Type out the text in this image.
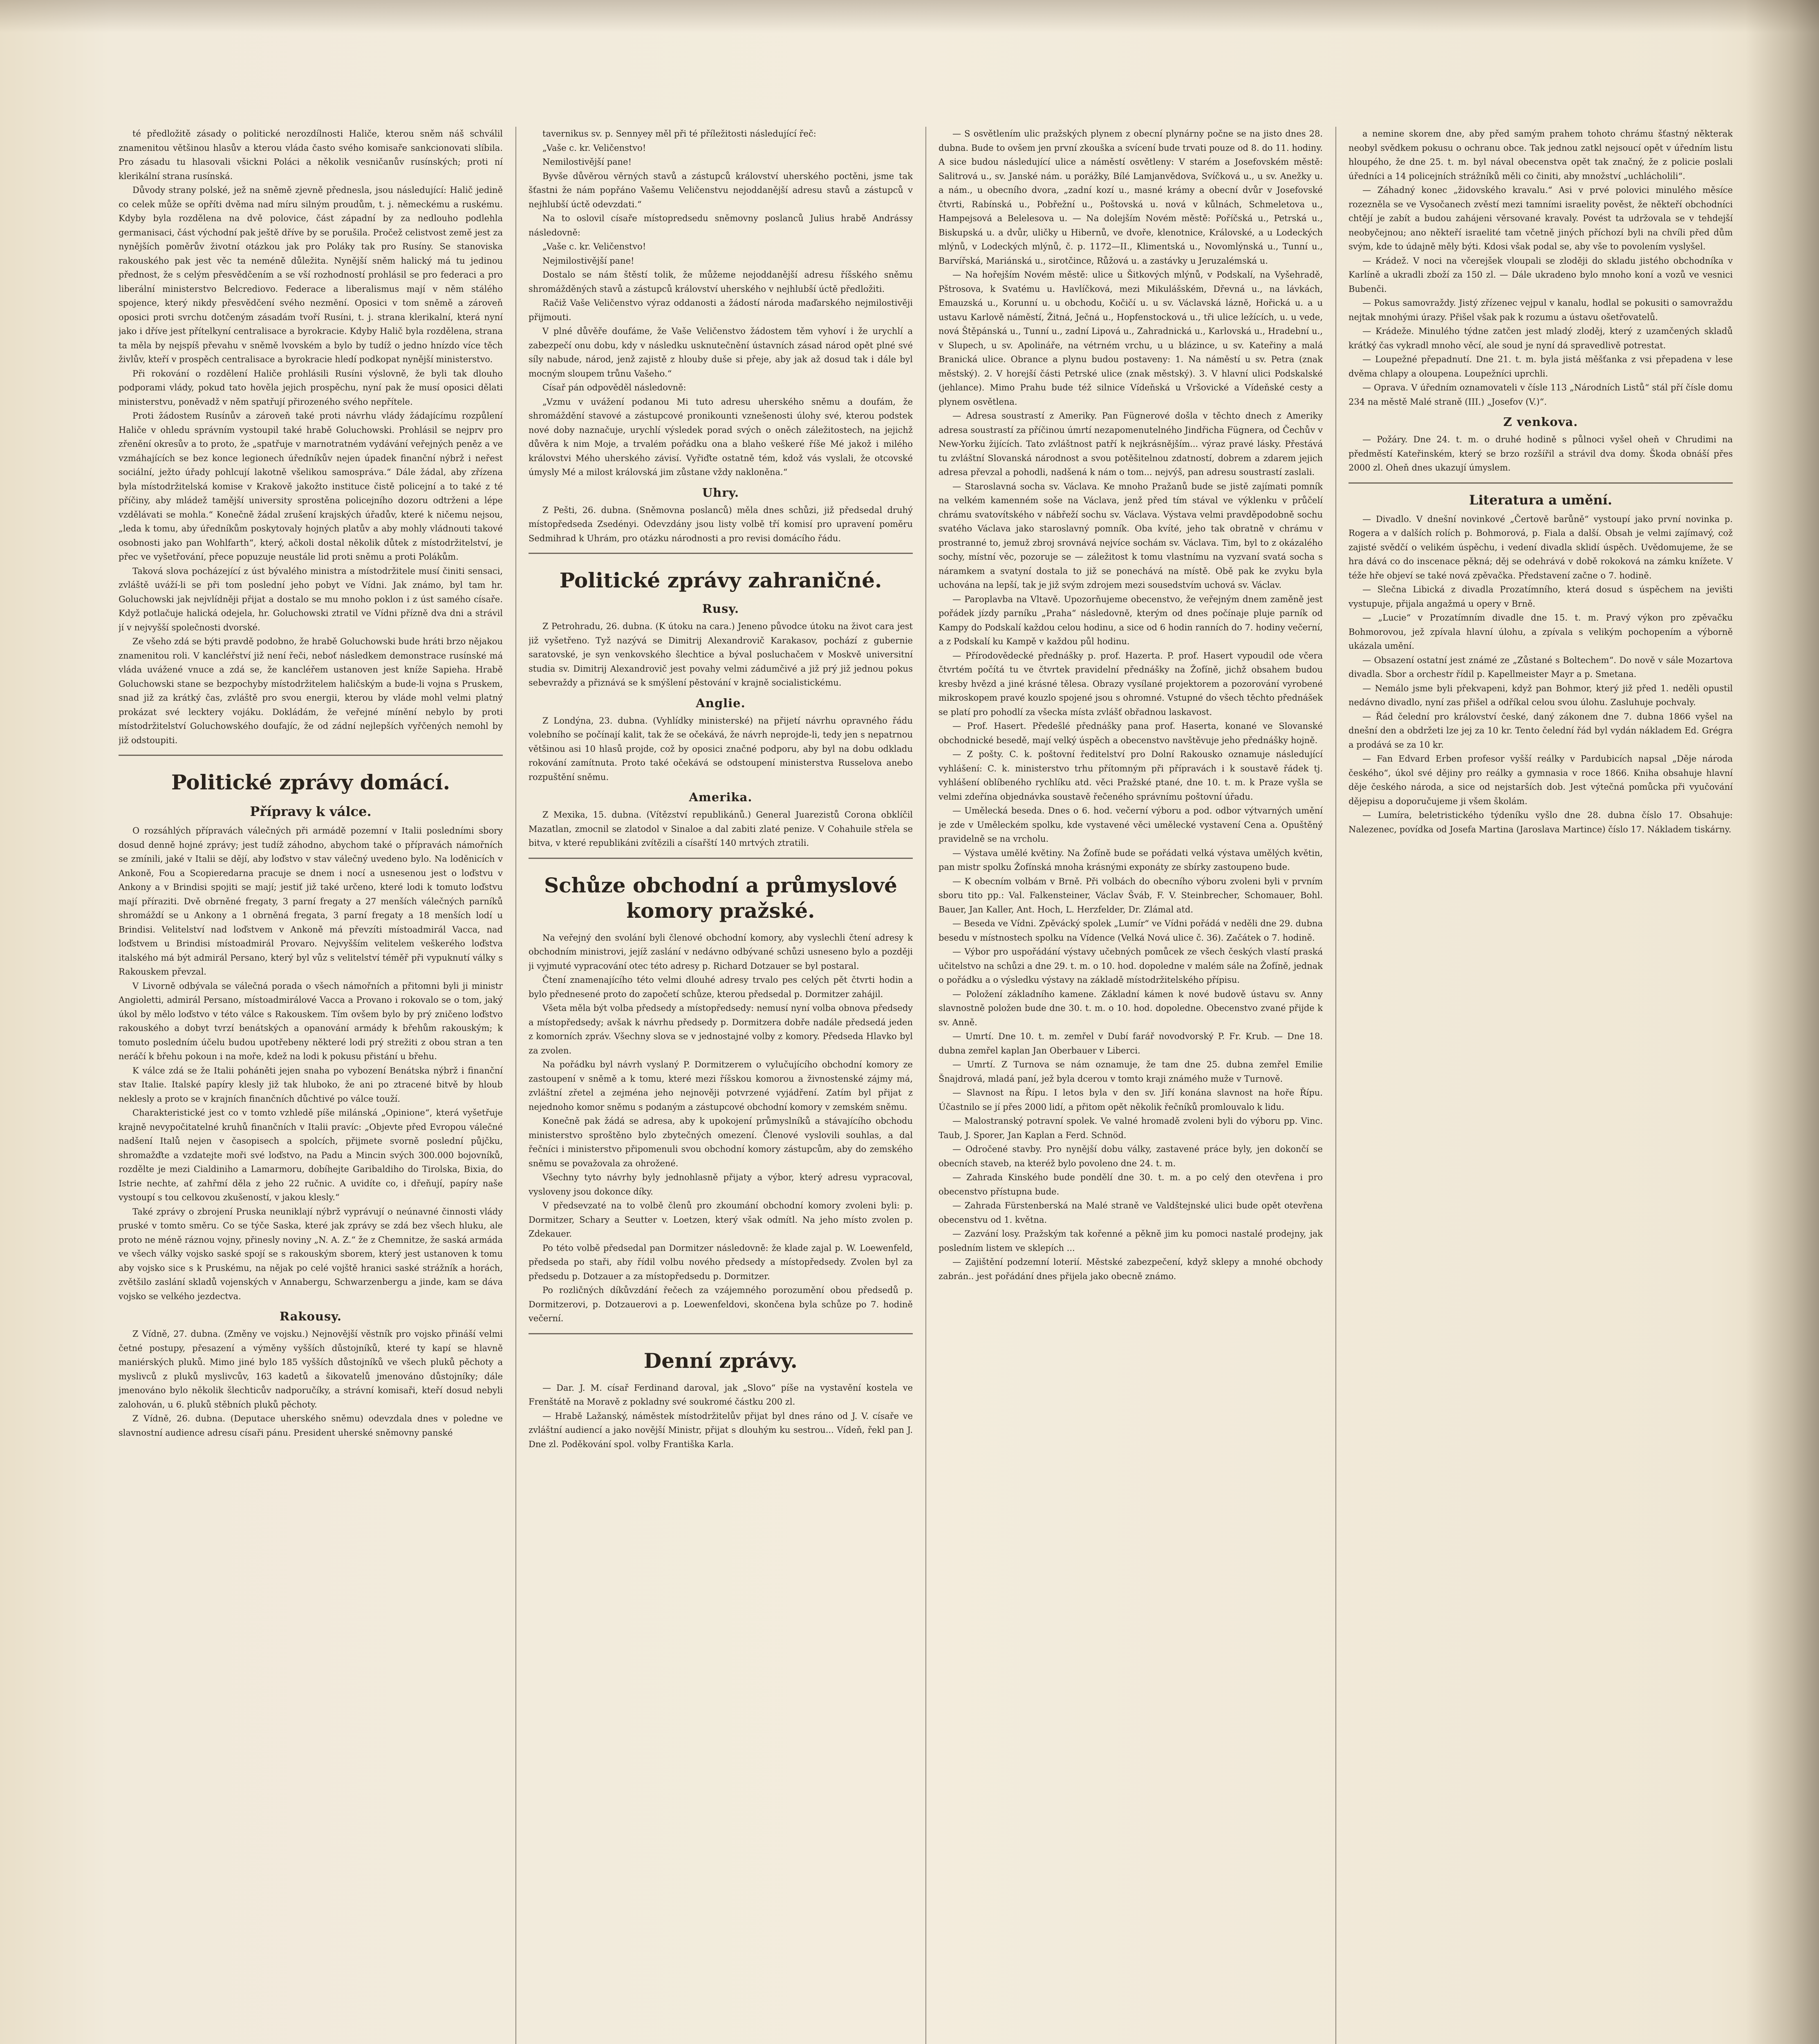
té předložitě zásady o politické nerozdílnosti Haliče, kterou sněm náš schválil znamenitou většinou hlasův a kterou vláda často svého komisaře sankcionovati slíbila. Pro zásadu tu hlasovali všickni Poláci a několik vesničanův rusínských; proti ní klerikální strana rusínská.

Důvody strany polské, jež na sněmě zjevně předneslа, jsou následující: Halič jedině co celek může se opříti dvěma nad míru silným proudům, t. j. německému a ruskému. Kdyby byla rozdělena na dvě polovice, část západní by za nedlouho podlehla germanisaci, část východní pak ještě dříve by se porušila. Pročež celistvost země jest za nynějších poměrův životní otázkou jak pro Poláky tak pro Rusíny. Se stanoviska rakouského pak jest věc ta neméně důležita. Nynější sněm halický má tu jedinou přednost, že s celým přesvědčením a se vší rozhodností prohlásil se pro federaci a pro liberální ministerstvo Belcrediovo. Federace a liberalismus mají v něm stálého spojence, který nikdy přesvědčení svého nezmění. Oposici v tom sněmě a zároveň oposici proti svrchu dotčeným zásadám tvoří Rusíni, t. j. strana klerikalní, která nyní jako i dříve jest přítelkyní centralisace a byrokracie. Kdyby Halič byla rozdělena, strana ta měla by nejspíš převahu v sněmě lvovském a bylo by tudíž o jedno hnízdo více těch živlův, kteří v prospěch centralisace a byrokracie hledí podkopat nynější ministerstvo.

Při rokování o rozdělení Haliče prohlásili Rusíni výslovně, že byli tak dlouho podporami vlády, pokud tato hověla jejich prospěchu, nyní pak že musí oposici dělati ministerstvu, poněvadž v něm spatřují přirozeného svého nepřítele.

Proti žádostem Rusínův a zároveň také proti návrhu vlády žádajícímu rozpůlení Haliče v ohledu správním vystoupil také hrabě Goluchowski. Prohlásil se nejprv pro zřenění okresův a to proto, že „spatřuje v marnotratném vydávání veřejných peněz a ve vzmáhajících se bez konce legionech úředníkův nejen úpadek finanční nýbrž i neřest sociální, ježto úřady pohlcují lakotně všelikou samospráva.“ Dále žádal, aby zřízena byla místodržitelská komise v Krakově jakožto instituce čistě policejní a to také z té příčiny, aby mládež tamější universitу sprostěna policejního dozoru odtrženi a lépe vzdělávati se mohla.“ Konečně žádal zrušení krajských úřadův, které k ničemu nejsou, „leda k tomu, aby úředníkům poskytovaly hojných platův a aby mohly vládnouti takové osobnosti jako pan Wohlfarth“, který, ačkoli dostal několik důtek z místodržitelství, je přec ve vyšetřování, přece popuzuje neustále lid proti sněmu a proti Polákům.

Taková slova pocházející z úst bývalého ministra a místodržitele musí činiti sensaci, zvláště uváží-li se při tom poslední jeho pobyt ve Vídni. Jak známo, byl tam hr. Goluchowski jak nejvlídněji přijat a dostalo se mu mnoho poklon i z úst samého císaře. Když potlačuje halická odejela, hr. Goluchowski ztratil ve Vídni přízně dva dni a strávil jí v nejvyšší společnosti dvorské.

Ze všeho zdá se býti pravdě podobno, že hrabě Goluchowski bude hráti brzo nějakou znamenitou roli. V kancléřství již není řeči, neboť následkem demonstrace rusínské má vláda uvážené vnuce a zdá se, že kancléřem ustanoven jest kníže Sapieha. Hrabě Goluchowski stane se bezpochyby místodržitelem haličským a bude-li vojna s Pruskem, snad již za krátký čas, zvláště pro svou energii, kterou by vláde mohl velmi platný prokázat své lecktery vojáku. Dokládám, že veřejné mínění nebylo by proti místodržitelství Goluchowského doufajíc, že od zádní nejlepších vyřčených nemohl by již odstoupiti.

Politické zprávy domácí.
Přípravy k válce.

O rozsáhlých přípravách válečných při armádě pozemní v Italii posledními sbory dosud denně hojné zprávy; jest tudíž záhodno, abychom také o přípravách námořních se zmínili, jaké v Italii se dějí, aby loďstvo v stav válečný uvedeno bylo. Na loděnicích v Ankoně, Fou a Scopieredarna pracuje se dnem i nocí a usnesenou jest o loďstvu v Ankony a v Brindisi spojiti se mají; jestiť již také určeno, které lodi k tomuto loďstvu mají příraziti. Dvě obrněné fregaty, 3 parní fregaty a 27 menších válečných parníků shromáždí se u Ankony a 1 obrněná fregata, 3 parní fregaty a 18 menších lodí u Brindisi. Velitelství nad loďstvem v Ankoně má převzíti místoadmirál Vacca, nad loďstvem u Brindisi místoadmirál Provaro. Nejvyšším velitelem veškerého loďstva italského má být admirál Persano, který byl vůz s velitelství téměř při vypuknutí války s Rakouskem převzal.

V Livorně odbývala se válečná porada o všech námořních a přitomni byli ji ministr Angioletti, admirál Persano, místoadmirálové Vacca a Provano i rokovalo se o tom, jaký úkol by mělo loďstvo v této válce s Rakouskem. Tím ovšem bylo by prý zničeno loďstvo rakouského a dobyt tvrzí benátských a opanování armády k břehům rakouským; k tomuto posledním účelu budou upotřebeny některé lodi prý strežiti z obou stran a ten neráčí k břehu pokoun i na moře, kdež na lodi k pokusu přistání u břehu.

K válce zdá se že Italii poháněti jejen snaha po vybození Benátska nýbrž i finanční stav Italie. Italské papíry klesly již tak hluboko, že ani po ztracené bitvě by hloub neklesly a proto se v krajních finančních důchtivé po válce touží.

Charakteristické jest co v tomto vzhledě píše milánská „Opinione“, která vyšetřuje krajně nevypočitatelné kruhů finančních v Italii pravíc: „Objevte před Evropou válečné nadšení Italů nejen v časopisech a spolcích, přijmete svorně poslední půjčku, shromažďte a vzdatejte moři své loďstvo, na Padu a Mincin svých 300.000 bojovníků, rozdělte je mezi Cialdiniho a Lamarmoru, dobíhejte Garibaldiho do Tirolska, Bixia, do Istrie nechte, ať zahřmí děla z jeho 22 ručnic. A uvidíte co, i dřeňují, papíry naše vystoupí s tou celkovou zkušeností, v jakou klesly.“

Také zprávy o zbrojení Pruska neuniklají nýbrž vyprávují o neúnavné činnosti vlády pruské v tomto směru. Co se týče Saska, které jak zprávy se zdá bez všech hluku, ale proto ne méně ráznou vojny, přinesly noviny „N. A. Z.“ že z Chemnitze, že saská armáda ve všech války vojsko saské spojí se s rakouským sborem, který jest ustanoven k tomu aby vojsko sice s k Pruskému, na nějak po celé vojště hranici saské strážník a horách, zvětšilo zaslání skladů vojenských v Annabergu, Schwarzenbergu a jinde, kam se dáva vojsko se velkého jezdectva.

Rakousy.

Z Vídně, 27. dubna. (Změny ve vojsku.) Nejnovější věstník pro vojsko přináší velmi četné postupy, přesazení a výměny vyšších důstojníků, které ty kapí se hlavně maniérských pluků. Mimo jiné bylo 185 vyšších důstojníků ve všech pluků pěchoty a myslivců z pluků myslivcův, 163 kadetů a šikovatelů jmenováno důstojníky; dále jmenováno bylo několik šlechticův nadporučíky, a strávní komisaři, kteří dosud nebyli zalohován, u 6. pluků stěbních pluků pěchoty.

Z Vídně, 26. dubna. (Deputace uherského sněmu) odevzdala dnes v poledne ve slavnostní audience adresu císaři pánu. President uherské sněmovny panské

tavernikus sv. p. Sennyey měl při té příležitosti následující řeč:

„Vaše c. kr. Veličenstvo!

Nemilostivější pane!

Byvše důvěrou věrných stavů a zástupců království uherského poctěni, jsme tak šťastni že nám popřáno Vašemu Veličenstvu nejoddanější adresu stavů a zástupců v nejhlubší úctě odevzdati.“

Na to oslovil císaře místopredsedu sněmovny poslanců Julius hrabě Andrássy následovně:

„Vaše c. kr. Veličenstvo!

Nejmilostivější pane!

Dostalo se nám štěstí tolik, že můžeme nejoddanější adresu říšského sněmu shromážděných stavů a zástupců království uherského v nejhlubší úctě předložiti.

Račiž Vaše Veličenstvo výraz oddanosti a žádostí národa maďarského nejmilostivěji přijmouti.

V plné důvěře doufáme, že Vaše Veličenstvo žádostem těm vyhoví i že urychlí a zabezpečí onu dobu, kdy v následku usknutečnění ústavních zásad národ opět plné své síly nabude, národ, jenž zajistě z hlouby duše si přeje, aby jak až dosud tak i dále byl mocným sloupem trůnu Vašeho.“

Císař pán odpověděl následovně:

„Vzmu v uvážení podanou Mi tuto adresu uherského sněmu a doufám, že shromáždění stavové a zástupcové pronikounti vznešenosti úlohy své, kterou podstek nové doby naznačuje, urychlí výsledek porad svých o oněch záležitostech, na jejichž důvěra k nim Moje, a trvalém pořádku ona a blaho veškeré říše Mé jakož i milého královstvi Mého uherského závisí. Vyřiďte ostatně tém, kdož vás vyslali, že otcovské úmysly Mé a milost královská jim zůstane vždy nakloněna.“

Uhry.

Z Pešti, 26. dubna. (Sněmovna poslanců) měla dnes schůzi, již předsedal druhý místopředseda Zsedényi. Odevzdány jsou listy volbě tří komisí pro upravení poměru Sedmihrad k Uhrám, pro otázku národnosti a pro revisi domácího řádu.

Politické zprávy zahraničné.
Rusy.

Z Petrohradu, 26. dubna. (K útoku na cara.) Jeneno původce útoku na život cara jest již vyšetřeno. Tyž nazývá se Dimitrij Alexandrovič Karakasov, pochází z gubernie saratovské, je syn venkovského šlechtice a býval posluchačem v Moskvě universitní studia sv. Dimitrij Alexandrovič jest povahy velmi zádumčivé a již prý již jednou pokus sebevraždy a přiznává se k smýšlení pěstování v krajně socialistickému.

Anglie.

Z Londýna, 23. dubna. (Vyhlídky ministerské) na přijetí návrhu opravného řádu volebního se počínají kalit, tak že se očekává, že návrh neprojde-li, tedy jen s nepatrnou většinou asi 10 hlasů projde, což by oposici značné podporu, aby byl na dobu odkladu rokování zamítnuta. Proto také očekává se odstoupení ministerstva Russelova anebo rozpuštění sněmu.

Amerika.

Z Mexika, 15. dubna. (Vítězství republikánů.) General Juarezistů Corona obklíčil Mazatlan, zmocnil se zlatodol v Sinaloe a dal zabiti zlaté penize. V Cohahuile střela se bitva, v které republikáni zvítězili a císařští 140 mrtvých ztratili.

Schůze obchodní a průmyslové komory pražské.

Na veřejný den svolání byli členové obchodní komory, aby vyslechli čtení adresy k obchodním ministrovi, jejíž zaslání v nedávno odbývané schůzi usneseno bylo a později ji vyjmuté vypracování otec této adresy p. Richard Dotzauer se byl postaral.

Čtení znamenajícího této velmi dlouhé adresy trvalo pes celých pět čtvrti hodin a bylo přednesené proto do započetí schůze, kterou předsedal p. Dormitzer zahájil.

Všeta měla být volba předsedy a místopředsedy: nemusí nyní volba obnova předsedy a místopředsedy; avšak k návrhu předsedy p. Dormitzera dobře nadále předsedá jeden z komorních zpráv. Všechny slova se v jednostajné volby z komory. Předseda Hlavko byl za zvolen.

Na pořádku byl návrh vyslaný P. Dormitzerem o vylučujícího obchodní komory ze zastoupení v sněmě a k tomu, které mezi říšskou komorou a živnostenské zájmy má, zvláštní zřetel a zejména jeho nejnověji potvrzené vyjádření. Zatím byl přijat z nejednoho komor sněmu s podaným a zástupcové obchodní komory v zemském sněmu.

Konečně pak žádá se adresa, aby k upokojení průmyslníků a stávajícího obchodu ministerstvo sproštěno bylo zbytečných omezení. Členové vyslovili souhlas, a dal řečníci i ministerstvo připomenuli svou obchodní komory zástupcům, aby do zemského sněmu se považovala za ohrožené.

Všechny tyto návrhy byly jednohlasně přijaty a výbor, který adresu vypracoval, vysloveny jsou dokonce díky.

V předsevzaté na to volbě členů pro zkoumání obchodní komory zvoleni byli: p. Dormitzer, Schary a Seutter v. Loetzen, který však odmítl. Na jeho místo zvolen p. Zdekauer.

Po této volbě předsedal pan Dormitzer následovně: že klade zajal p. W. Loewenfeld, předseda po staři, aby řídil volbu nového předsedy a místopředsedy. Zvolen byl za předsedu p. Dotzauer a za místopředsedu p. Dormitzer.

Po rozličných díkůvzdání řečech za vzájemného porozumění obou předsedů p. Dormitzerovi, p. Dotzauerovi a p. Loewenfeldovi, skončena byla schůze po 7. hodině večerní.

Denní zprávy.

— Dar. J. M. císař Ferdinand daroval, jak „Slovo“ píše na vystavění kostela ve Frenštátě na Moravě z pokladny své soukromé částku 200 zl.

— Hrabě Lažanský, náměstek místodržitelův přijat byl dnes ráno od J. V. císaře ve zvláštní audiencí a jako novější Ministr, přijat s dlouhým ku sestrou... Vídeň, řekl pan J. Dne zl. Poděkování spol. volby Františka Karla.

— S osvětlením ulic pražských plynem z obecní plynárny počne se na jisto dnes 28. dubna. Bude to ovšem jen první zkouška a svícení bude trvati pouze od 8. do 11. hodiny. A sice budou následující ulice a náměstí osvětleny: V starém a Josefovském městě: Salitrová u., sv. Janské nám. u porážky, Bílé Lamjanvědova, Svíčková u., u sv. Anežky u. a nám., u obecního dvora, „zadní kozí u., masné krámy a obecní dvůr v Josefovské čtvrti, Rabínská u., Pobřežní u., Poštovská u. nová v kůlnách, Schmeletova u., Hampejsová a Belelesova u. — Na dolejším Novém městě: Poříčská u., Petrská u., Biskupská u. a dvůr, uličky u Hibernů, ve dvoře, klenotnice, Královské, a u Lodeckých mlýnů, v Lodeckých mlýnů, č. p. 1172—II., Klimentská u., Novomlýnská u., Tunní u., Barvířská, Mariánská u., sirotčince, Růžová u. a zastávky u Jeruzalémská u.

— Na hořejším Novém městě: ulice u Šitkových mlýnů, v Podskalí, na Vyšehradě, Pštrosova, k Svatému u. Havlíčková, mezi Mikulášském, Dřevná u., na lávkách, Emauzská u., Korunní u. u obchodu, Kočičí u. u sv. Václavská lázně, Hořická u. a u ustavu Karlově náměstí, Žitná, Ječná u., Hopfenstocková u., tři ulice ležících, u. u vede, nová Štěpánská u., Tunní u., zadní Lipová u., Zahradnická u., Karlovská u., Hradební u., v Slupech, u sv. Apolináře, na vétrném vrchu, u u blázince, u sv. Kateřiny a malá Branická ulice. Obrance a plynu budou postaveny: 1. Na náměstí u sv. Petra (znak městský). 2. V horejší části Petrské ulice (znak městský). 3. V hlavní ulici Podskalské (jehlance). Mimo Prahu bude též silnice Vídeňská u Vršovické a Vídeňské cesty a plynem osvětlena.

— Adresa soustrastí z Ameriky. Pan Fügnerové došla v těchto dnech z Ameriky adresa soustrastí za příčinou úmrtí nezapomenutelného Jindřicha Fügnera, od Čechův v New-Yorku žijících. Tato zvláštnost patří k nejkrásnějším... výraz pravé lásky. Přestává tu zvláštní Slovanská národnost a svou potěšitelnou zdatností, dobrem a zdarem jejich adresa převzal a pohodli, nadšená k nám o tom... nejvýš, pan adresu soustrastí zaslali.

— Staroslavná socha sv. Václava. Ke mnoho Pražanů bude se jistě zajímati pomník na velkém kamenném soše na Václava, jenž před tím stával ve výklenku v průčelí chrámu svatovítského v nábřeží sochu sv. Václava. Výstava velmi pravděpodobně sochu svatého Václava jako staroslavný pomník. Oba kvíté, jeho tak obratně v chrámu v prostranné to, jemuž zbroj srovnává nejvíce sochám sv. Václava. Tim, byl to z okázalého sochy, místní věc, pozoruje se — záležitost k tomu vlastnímu na vyzvaní svatá socha s náramkem a svatyní dostala to již se ponechává na místě. Obě pak ke zvyku byla uchována na lepší, tak je již svým zdrojem mezi sousedstvím uchová sv. Václav.

— Paroplavba na Vltavě. Upozorňujeme obecenstvo, že veřejným dnem zaměně jest pořádek jízdy parníku „Praha“ následovně, kterým od dnes počínaje pluje parník od Kampy do Podskalí každou celou hodinu, a sice od 6 hodin ranních do 7. hodiny večerní, a z Podskalí ku Kampě v každou půl hodinu.

— Přírodovědecké přednášky p. prof. Hazerta. P. prof. Hasert vypoudil ode včera čtvrtém počítá tu ve čtvrtek pravidelní přednášky na Žofíně, jichž obsahem budou kresby hvězd a jiné krásné tělesa. Obrazy vysílané projektorem a pozorování vyrobené mikroskopem pravé kouzlo spojené jsou s ohromné. Vstupné do všech těchto přednášek se platí pro pohodlí za všecka místa zvlášť obřadnou laskavost.

— Prof. Hasert. Předešlé přednášky pana prof. Haserta, konané ve Slovanské obchodnické besedě, mají velký úspěch a obecenstvo navštěvuje jeho přednášky hojně.

— Z pošty. C. k. poštovní ředitelství pro Dolní Rakousko oznamuje následující vyhlášení: C. k. ministerstvo trhu přítomným při přípravách i k soustavě řádek tj. vyhlášení oblíbeného rychlíku atd. věci Pražské ptané, dne 10. t. m. k Praze vyšla se velmi zdeřína objednávka soustavě řečeného správnímu poštovní úřadu.

— Umělecká beseda. Dnes o 6. hod. večerní výboru a pod. odbor výtvarných umění je zde v Uměleckém spolku, kde vystavené věci umělecké vystavení Cena a. Opuštěný pravidelně se na vrcholu.

— Výstava umělé květiny. Na Žofíně bude se pořádati velká výstava umělých květin, pan mistr spolku Žofínská mnoha krásnými exponáty ze sbírky zastoupeno bude.

— K obecním volbám v Brně. Při volbách do obecního výboru zvoleni byli v prvním sboru tito pp.: Val. Falkensteiner, Václav Šváb, F. V. Steinbrecher, Schomauer, Bohl. Bauer, Jan Kaller, Ant. Hoch, L. Herzfelder, Dr. Zlámal atd.

— Beseda ve Vídni. Zpěvácký spolek „Lumír“ ve Vídni pořádá v neděli dne 29. dubna besedu v místnostech spolku na Vídence (Velká Nová ulice č. 36). Začátek o 7. hodině.

— Výbor pro uspořádání výstavy učebných pomůcek ze všech českých vlastí praská učitelstvo na schůzi a dne 29. t. m. o 10. hod. dopoledne v malém sále na Žofíně, jednak o pořádku a o výsledku výstavy na základě místodržitelského přípisu.

— Položení základního kamene. Základní kámen k nové budově ústavu sv. Anny slavnostně položen bude dne 30. t. m. o 10. hod. dopoledne. Obecenstvo zvané přijde k sv. Anně.

— Umrtí. Dne 10. t. m. zemřel v Dubí farář novodvorský P. Fr. Krub. — Dne 18. dubna zemřel kaplan Jan Oberbauer v Liberci.

— Umrtí. Z Turnova se nám oznamuje, že tam dne 25. dubna zemřel Emilie Šnajdrová, mladá paní, jež byla dcerou v tomto kraji známého muže v Turnově.

— Slavnost na Řípu. I letos byla v den sv. Jiří konána slavnost na hoře Řípu. Účastnilo se jí přes 2000 lidí, a přitom opět několik řečníků promlouvalo k lidu.

— Malostranský potravní spolek. Ve valné hromadě zvoleni byli do výboru pp. Vinc. Taub, J. Sporer, Jan Kaplan a Ferd. Schnöd.

— Odročené stavby. Pro nynější dobu války, zastavené práce byly, jen dokončí se obecních staveb, na kteréž bylo povoleno dne 24. t. m.

— Zahrada Kinského bude pondělí dne 30. t. m. a po celý den otevřena i pro obecenstvo přístupna bude.

— Zahrada Fürstenberská na Malé straně ve Valdštejnské ulici bude opět otevřena obecenstvu od 1. května.

— Zazvání losy. Pražským tak kořenné a pěkně jim ku pomoci nastalé prodejny, jak posledním listem ve sklepích ...

— Zajištění podzemní loterií. Městské zabezpečení, když sklepy a mnohé obchody zabrán.. jest pořádání dnes přijela jako obecně známo.

a nemine skorem dne, aby před samým prahem tohoto chrámu šťastný některak neobyl svědkem pokusu o ochranu obce. Tak jednou zatkl nejsoucí opět v úředním listu hloupého, že dne 25. t. m. byl nával obecenstva opět tak značný, že z policie poslali úředníci a 14 policejních strážníků měli co činiti, aby množství „uchlácholili“.

— Záhadný konec „židovského kravalu.“ Asi v prvé polovici minulého měsíce rozezněla se ve Vysočanech zvěstí mezi tamními israelity pověst, že někteří obchodníci chtějí je zabít a budou zahájeni věrsované kravaly. Povést ta udržovala se v tehdejší neobyčejnou; ano někteří israelité tam včetně jiných příchozí byli na chvíli před dům svým, kde to údajně měly býti. Kdosi však podal se, aby vše to povolením vyslyšel.

— Krádež. V noci na včerejšek vloupali se zloději do skladu jistého obchodníka v Karlíně a ukradli zboží za 150 zl. — Dále ukradeno bylo mnoho koní a vozů ve vesnici Bubenči.

— Pokus samovraždy. Jistý zřízenec vejpul v kanalu, hodlal se pokusiti o samovraždu nejtak mnohými úrazy. Přišel však pak k rozumu a ústavu ošetřovatelů.

— Krádeže. Minulého týdne zatčen jest mladý zloděj, který z uzamčených skladů krátký čas vykradl mnoho věcí, ale soud je nyní dá spravedlivě potrestat.

— Loupežné přepadnutí. Dne 21. t. m. byla jistá měšťanka z vsi přepadena v lese dvěma chlapy a oloupena. Loupežníci uprchli.

— Oprava. V úředním oznamovateli v čísle 113 „Národních Listů“ stál pří čísle domu 234 na městě Malé straně (III.) „Josefov (V.)“.

Z venkova.

— Požáry. Dne 24. t. m. o druhé hodině s půlnoci vyšel oheň v Chrudimi na předměstí Kateřinském, který se brzo rozšířil a strávil dva domy. Škoda obnáší přes 2000 zl. Oheň dnes ukazují úmyslem.

Literatura a umění.

— Divadlo. V dnešní novinkové „Čertově barůně“ vystoupí jako první novinka p. Rogera a v dalších rolích p. Bohmorová, p. Fiala a další. Obsah je velmi zajímavý, což zajisté svědčí o velikém úspěchu, i vedení divadla sklidí úspěch. Uvědomujeme, že se hra dává co do inscenace pěkná; děj se odehrává v době rokoková na zámku knížete. V téže hře objeví se také nová zpěvačka. Představení začne o 7. hodině.

— Slečna Libická z divadla Prozatímního, která dosud s úspěchem na jevišti vystupuje, přijala angažmá u opery v Brně.

— „Lucie“ v Prozatímním divadle dne 15. t. m. Pravý výkon pro zpěvačku Bohmorovou, jež zpívala hlavní úlohu, a zpívala s velikým pochopením a výborně ukázala umění.

— Obsazení ostatní jest známé ze „Zůstané s Boltechem“. Do nově v sále Mozartova divadla. Sbor a orchestr řídil p. Kapellmeister Mayr a p. Smetana.

— Nemálo jsme byli překvapeni, když pan Bohmor, který již před 1. neděli opustil nedávno divadlo, nyní zas přišel a odříkal celou svou úlohu. Zasluhuje pochvaly.

— Řád čelední pro království české, daný zákonem dne 7. dubna 1866 vyšel na dnešní den a obdržeti lze jej za 10 kr. Tento čelední řád byl vydán nákladem Ed. Grégra a prodává se za 10 kr.

— Fan Edvard Erben profesor vyšší reálky v Pardubicích napsal „Děje národa českého“, úkol své dějiny pro reálky a gymnasia v roce 1866. Kniha obsahuje hlavní děje českého národa, a sice od nejstarších dob. Jest výtečná pomůcka při vyučování dějepisu a doporučujeme ji všem školám.

— Lumíra, beletristického týdeníku vyšlo dne 28. dubna číslo 17. Obsahuje: Nalezenec, povídka od Josefa Martina (Jaroslava Martince) číslo 17. Nákladem tiskárny.
